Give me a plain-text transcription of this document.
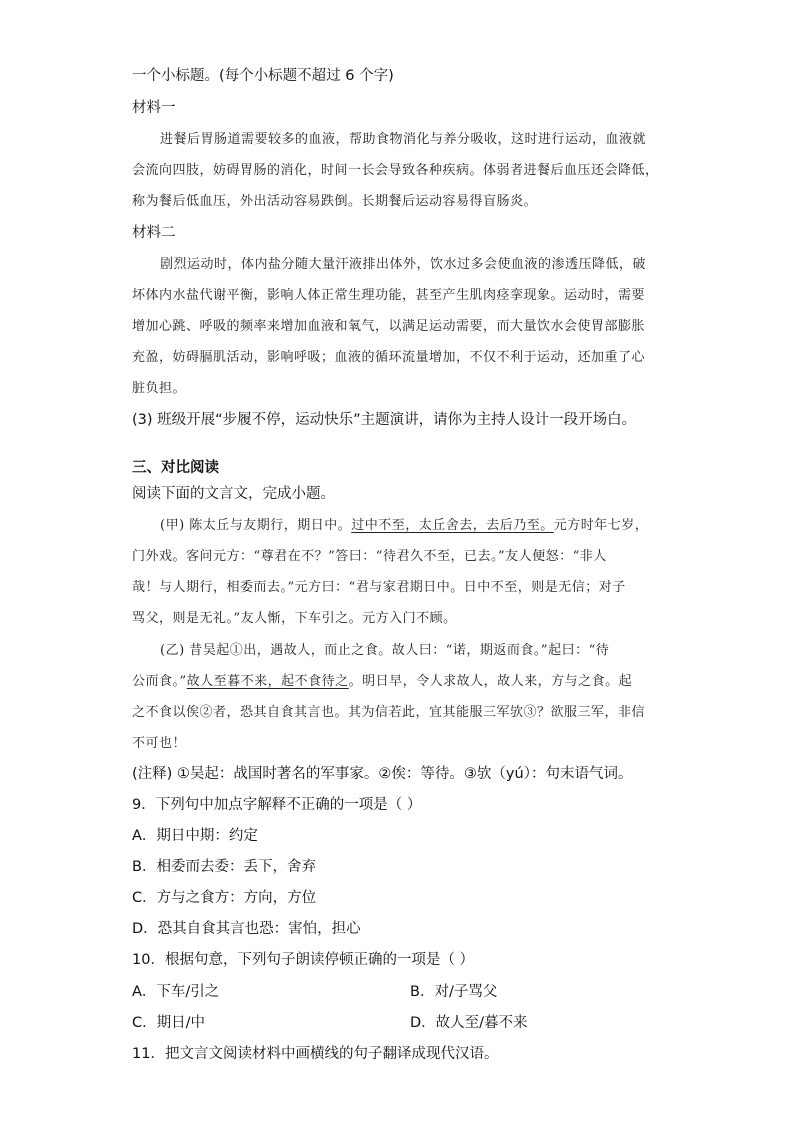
一个小标题。(每个小标题不超过 6 个字)
材料一
进餐后胃肠道需要较多的血液，帮助食物消化与养分吸收，这时进行运动，血液就
会流向四肢，妨碍胃肠的消化，时间一长会导致各种疾病。体弱者进餐后血压还会降低，
称为餐后低血压，外出活动容易跌倒。长期餐后运动容易得盲肠炎。
材料二
剧烈运动时，体内盐分随大量汗液排出体外，饮水过多会使血液的渗透压降低，破
坏体内水盐代谢平衡，影响人体正常生理功能，甚至产生肌肉痉挛现象。运动时，需要
增加心跳、呼吸的频率来增加血液和氧气，以满足运动需要，而大量饮水会使胃部膨胀
充盈，妨碍膈肌活动，影响呼吸；血液的循环流量增加，不仅不利于运动，还加重了心
脏负担。
(3) 班级开展“步履不停，运动快乐”主题演讲，请你为主持人设计一段开场白。
三、对比阅读
阅读下面的文言文，完成小题。
(甲) 陈太丘与友期行，期日中。过中不至，太丘舍去，去后乃至。元方时年七岁，
门外戏。客问元方：“尊君在不？”答曰：“待君久不至，已去。”友人便怒：“非人
哉！与人期行，相委而去。”元方曰：“君与家君期日中。日中不至，则是无信；对子
骂父，则是无礼。”友人惭，下车引之。元方入门不顾。
(乙) 昔吴起①出，遇故人，而止之食。故人曰：“诺，期返而食。”起曰：“待
公而食。”故人至暮不来，起不食待之。明日早，令人求故人，故人来，方与之食。起
之不食以俟②者，恐其自食其言也。其为信若此，宜其能服三军欤③？欲服三军，非信
不可也！
(注释) ①吴起：战国时著名的军事家。②俟：等待。③欤（yú）：句末语气词。
9．下列句中加点字解释不正确的一项是（ ）
A．期日中期：约定
B．相委而去委：丢下，舍弃
C．方与之食方：方向，方位
D．恐其自食其言也恐：害怕，担心
10．根据句意，下列句子朗读停顿正确的一项是（ ）
A．下车/引之	B．对/子骂父
C．期日/中	D．故人至/暮不来
11．把文言文阅读材料中画横线的句子翻译成现代汉语。
